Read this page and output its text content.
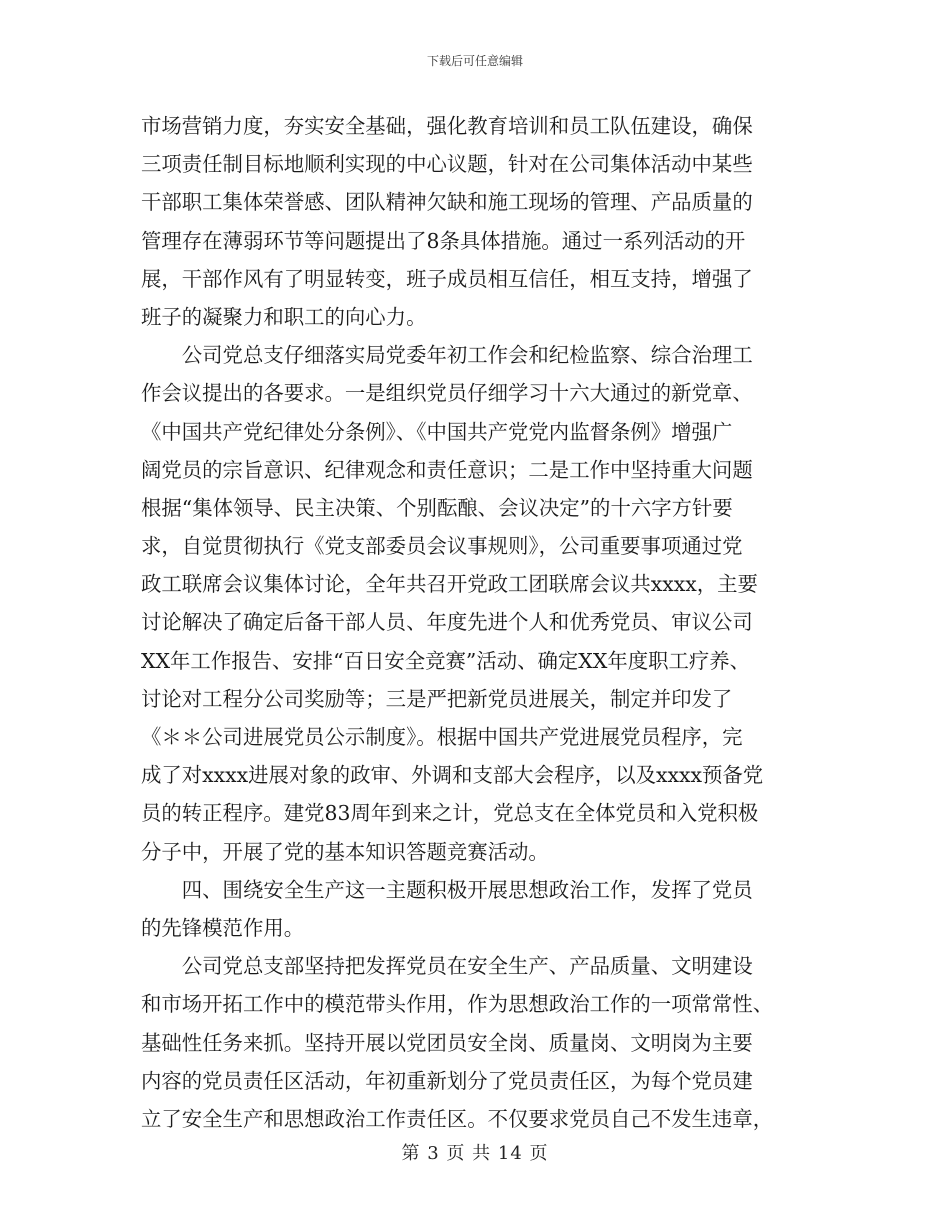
下载后可任意编辑
市场营销力度，夯实安全基础，强化教育培训和员工队伍建设，确保
三项责任制目标地顺利实现的中心议题，针对在公司集体活动中某些
干部职工集体荣誉感、团队精神欠缺和施工现场的管理、产品质量的
管理存在薄弱环节等问题提出了8条具体措施。通过一系列活动的开
展，干部作风有了明显转变，班子成员相互信任，相互支持，增强了
班子的凝聚力和职工的向心力。
　　公司党总支仔细落实局党委年初工作会和纪检监察、综合治理工
作会议提出的各要求。一是组织党员仔细学习十六大通过的新党章、
《中国共产党纪律处分条例》、《中国共产党党内监督条例》增强广
阔党员的宗旨意识、纪律观念和责任意识；二是工作中坚持重大问题
根据“集体领导、民主决策、个别酝酿、会议决定”的十六字方针要
求，自觉贯彻执行《党支部委员会议事规则》，公司重要事项通过党
政工联席会议集体讨论，全年共召开党政工团联席会议共xxxx，主要
讨论解决了确定后备干部人员、年度先进个人和优秀党员、审议公司
XX年工作报告、安排“百日安全竞赛”活动、确定XX年度职工疗养、
讨论对工程分公司奖励等；三是严把新党员进展关，制定并印发了
《＊＊公司进展党员公示制度》。根据中国共产党进展党员程序，完
成了对xxxx进展对象的政审、外调和支部大会程序，以及xxxx预备党
员的转正程序。建党83周年到来之计，党总支在全体党员和入党积极
分子中，开展了党的基本知识答题竞赛活动。
　　四、围绕安全生产这一主题积极开展思想政治工作，发挥了党员
的先锋模范作用。
　　公司党总支部坚持把发挥党员在安全生产、产品质量、文明建设
和市场开拓工作中的模范带头作用，作为思想政治工作的一项常常性、
基础性任务来抓。坚持开展以党团员安全岗、质量岗、文明岗为主要
内容的党员责任区活动，年初重新划分了党员责任区，为每个党员建
立了安全生产和思想政治工作责任区。不仅要求党员自己不发生违章，
第 3 页 共 14 页
